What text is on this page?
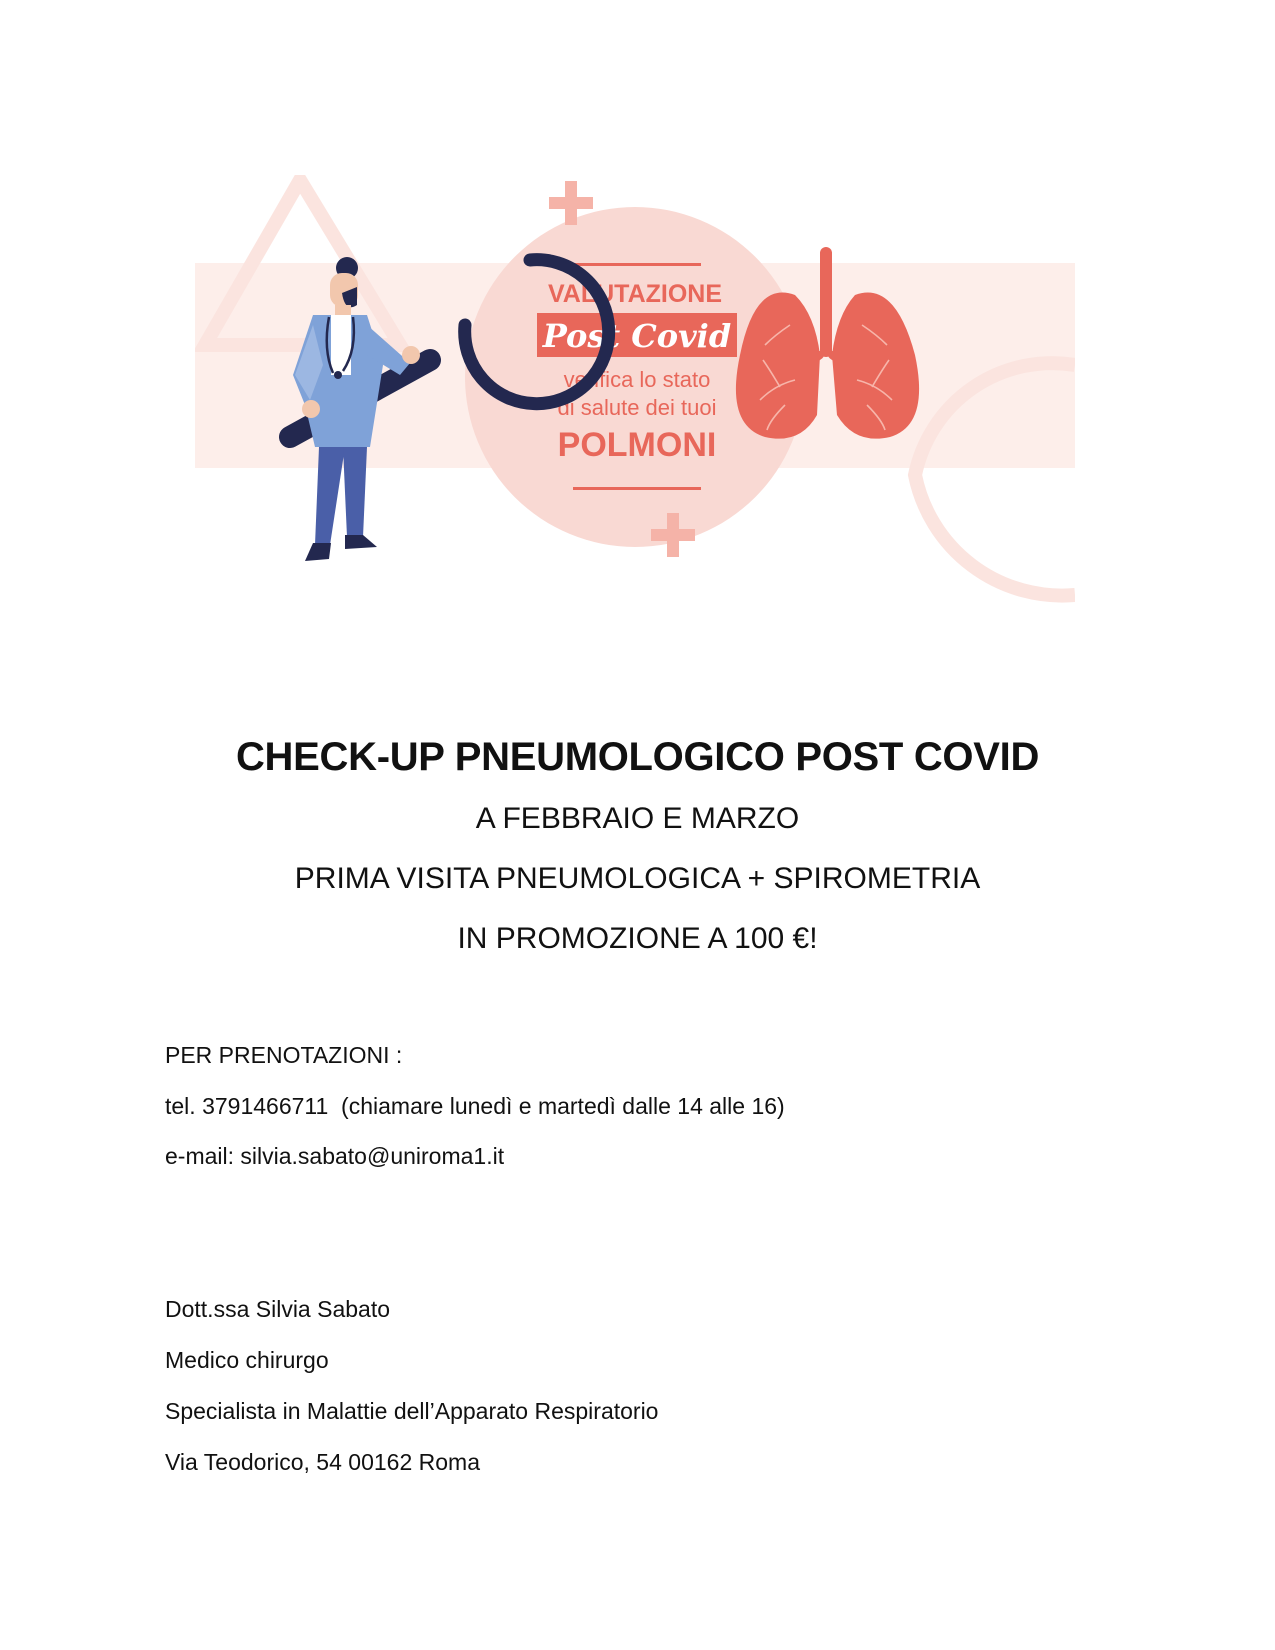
VALUTAZIONE
Post Covid
verifica lo stato
di salute dei tuoi
POLMONI
CHECK-UP PNEUMOLOGICO POST COVID
A FEBBRAIO E MARZO
PRIMA VISITA PNEUMOLOGICA + SPIROMETRIA
IN PROMOZIONE A 100 €!
PER PRENOTAZIONI :
tel. 3791466711  (chiamare lunedì e martedì dalle 14 alle 16)
e-mail: silvia.sabato@uniroma1.it
Dott.ssa Silvia Sabato
Medico chirurgo
Specialista in Malattie dell’Apparato Respiratorio
Via Teodorico, 54 00162 Roma
